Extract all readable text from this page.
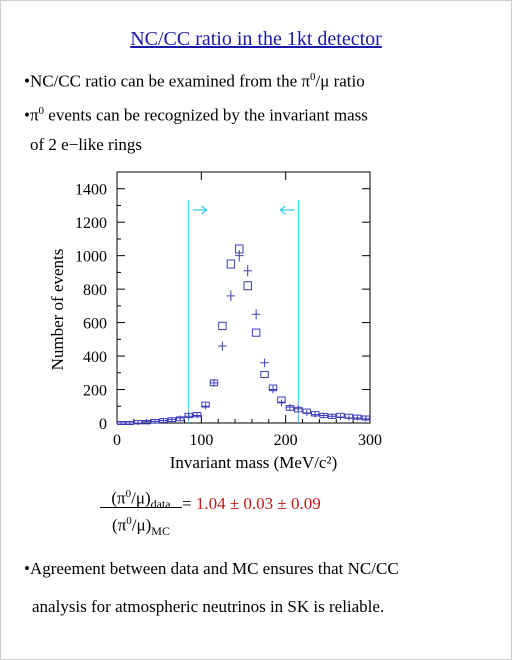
NC/CC ratio in the 1kt detector
•NC/CC ratio can be examined from the $\pi^0/\mu$ ratio
$•\pi^0$ events can be recognized by the invariant mass
of 2 e−like rings
0
200
400
600
800
1000
1200
1400
0	100	200	300
Invariant mass (MeV/c²)
Number of events
$(\pi^0/\mu)_{data}$
$(\pi^0/\mu)_{MC}$
= 1.04 ± 0.03 ± 0.09
•Agreement between data and MC ensures that NC/CC
analysis for atmospheric neutrinos in SK is reliable.
